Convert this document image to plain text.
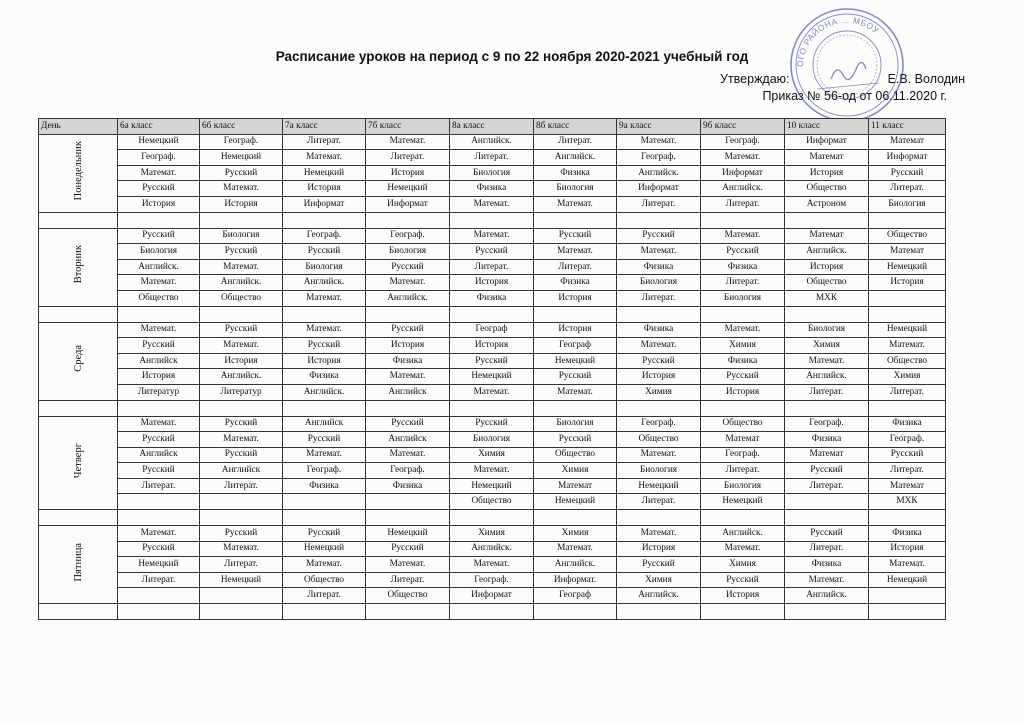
Расписание уроков на период с 9 по 22 ноября 2020-2021 учебный год
Утверждаю:	Е.В. Володин
Приказ № 56-од от 06.11.2020 г.
ОГО РАЙОНА ... МБОУ
День	6а класс	6б класс	7а класс	7б класс	8а класс	8б класс	9а класс	9б класс	10 класс	11 класс
Понедельник	Немецкий	Географ.	Литерат.	Математ.	Английск.	Литерат.	Математ.	Географ.	Информат	Математ
	Географ.	Немецкий	Математ.	Литерат.	Литерат.	Английск.	Географ.	Математ.	Математ	Информат
	Математ.	Русский	Немецкий	История	Биология	Физика	Английск.	Информат	История	Русский
	Русский	Математ.	История	Немецкий	Физика	Биология	Информат	Английск.	Общество	Литерат.
	История	История	Информат	Информат	Математ.	Математ.	Литерат.	Литерат.	Астроном	Биология

Вторник	Русский	Биология	Географ.	Географ.	Математ.	Русский	Русский	Математ.	Математ	Общество
	Биология	Русский	Русский	Биология	Русский	Математ.	Математ.	Русский	Английск.	Математ
	Английск.	Математ.	Биология	Русский	Литерат.	Литерат.	Физика	Физика	История	Немецкий
	Математ.	Английск.	Английск.	Математ.	История	Физика	Биология	Литерат.	Общество	История
	Общество	Общество	Математ.	Английск.	Физика	История	Литерат.	Биология	МХК	

Среда	Математ.	Русский	Математ.	Русский	Географ	История	Физика	Математ.	Биология	Немецкий
	Русский	Математ.	Русский	История	История	Географ	Математ.	Химия	Химия	Математ.
	Английск	История	История	Физика	Русский	Немецкий	Русский	Физика	Математ.	Общество
	История	Английск.	Физика	Математ.	Немецкий	Русский	История	Русский	Английск.	Химия
	Литератур	Литератур	Английск.	Английск	Математ.	Математ.	Химия	История	Литерат.	Литерат.

Четверг	Математ.	Русский	Английск	Русский	Русский	Биология	Географ.	Общество	Географ.	Физика
	Русский	Математ.	Русский	Английск	Биология	Русский	Общество	Математ	Физика	Географ.
	Английск	Русский	Математ.	Математ.	Химия	Общество	Математ.	Географ.	Математ	Русский
	Русский	Английск	Географ.	Географ.	Математ.	Химия	Биология	Литерат.	Русский	Литерат.
	Литерат.	Литерат.	Физика	Физика	Немецкий	Математ	Немецкий	Биология	Литерат.	Математ
					Общество	Немецкий	Литерат.	Немецкий		МХК

Пятница	Математ.	Русский	Русский	Немецкий	Химия	Химия	Математ.	Английск.	Русский	Физика
	Русский	Математ.	Немецкий	Русский	Английск.	Математ.	История	Математ.	Литерат.	История
	Немецкий	Литерат.	Математ.	Математ.	Математ.	Английск.	Русский	Химия	Физика	Математ.
	Литерат.	Немецкий	Общество	Литерат.	Географ.	Информат.	Химия	Русский	Математ.	Немецкий
			Литерат.	Общество	Информат	Географ	Английск.	История	Английск.	
